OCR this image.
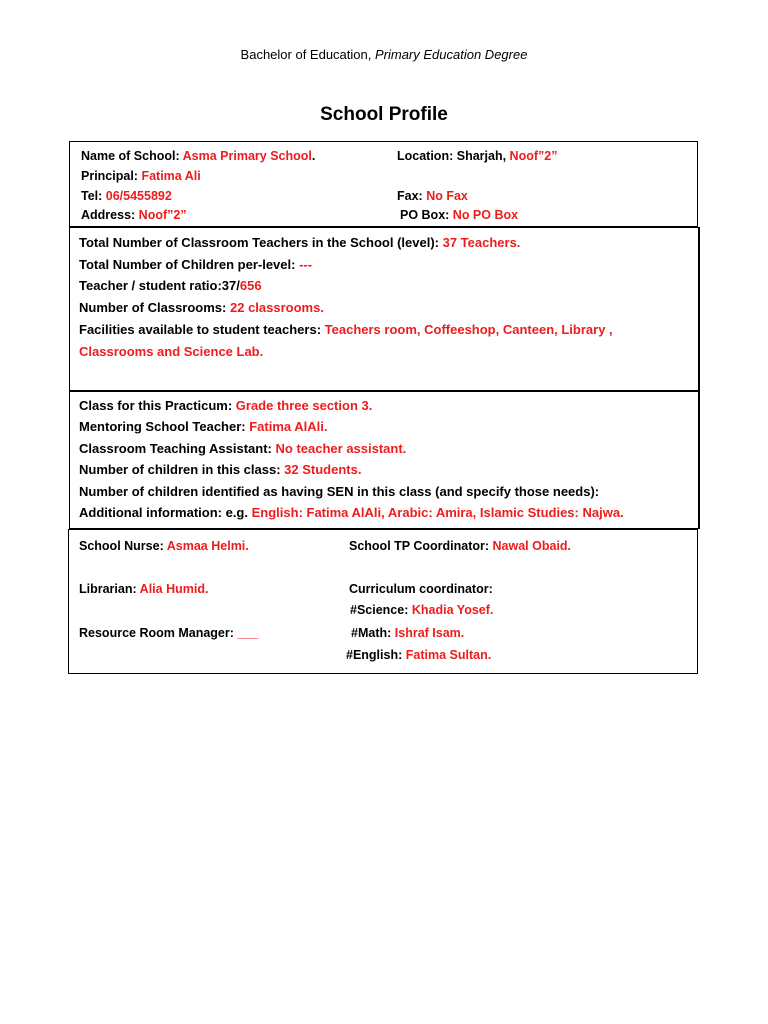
Bachelor of Education, Primary Education Degree
School Profile
Name of School: Asma Primary School.	Location: Sharjah, Noof”2”
Principal: Fatima Ali
Tel: 06/5455892	Fax: No Fax
Address: Noof”2”	PO Box: No PO Box
Total Number of Classroom Teachers in the School (level): 37 Teachers.
Total Number of Children per-level: ---
Teacher / student ratio:37/656
Number of Classrooms: 22 classrooms.
Facilities available to student teachers: Teachers room, Coffeeshop, Canteen, Library ,
Classrooms and Science Lab.
Class for this Practicum: Grade three section 3.
Mentoring School Teacher: Fatima AlAli.
Classroom Teaching Assistant: No teacher assistant.
Number of children in this class: 32 Students.
Number of children identified as having SEN in this class (and specify those needs):
Additional information: e.g. English: Fatima AlAli, Arabic: Amira, Islamic Studies: Najwa.
School Nurse: Asmaa Helmi.	School TP Coordinator: Nawal Obaid.
Librarian: Alia Humid.	Curriculum coordinator:
#Science: Khadia Yosef.
Resource Room Manager: ___	#Math: Ishraf Isam.
#English: Fatima Sultan.
